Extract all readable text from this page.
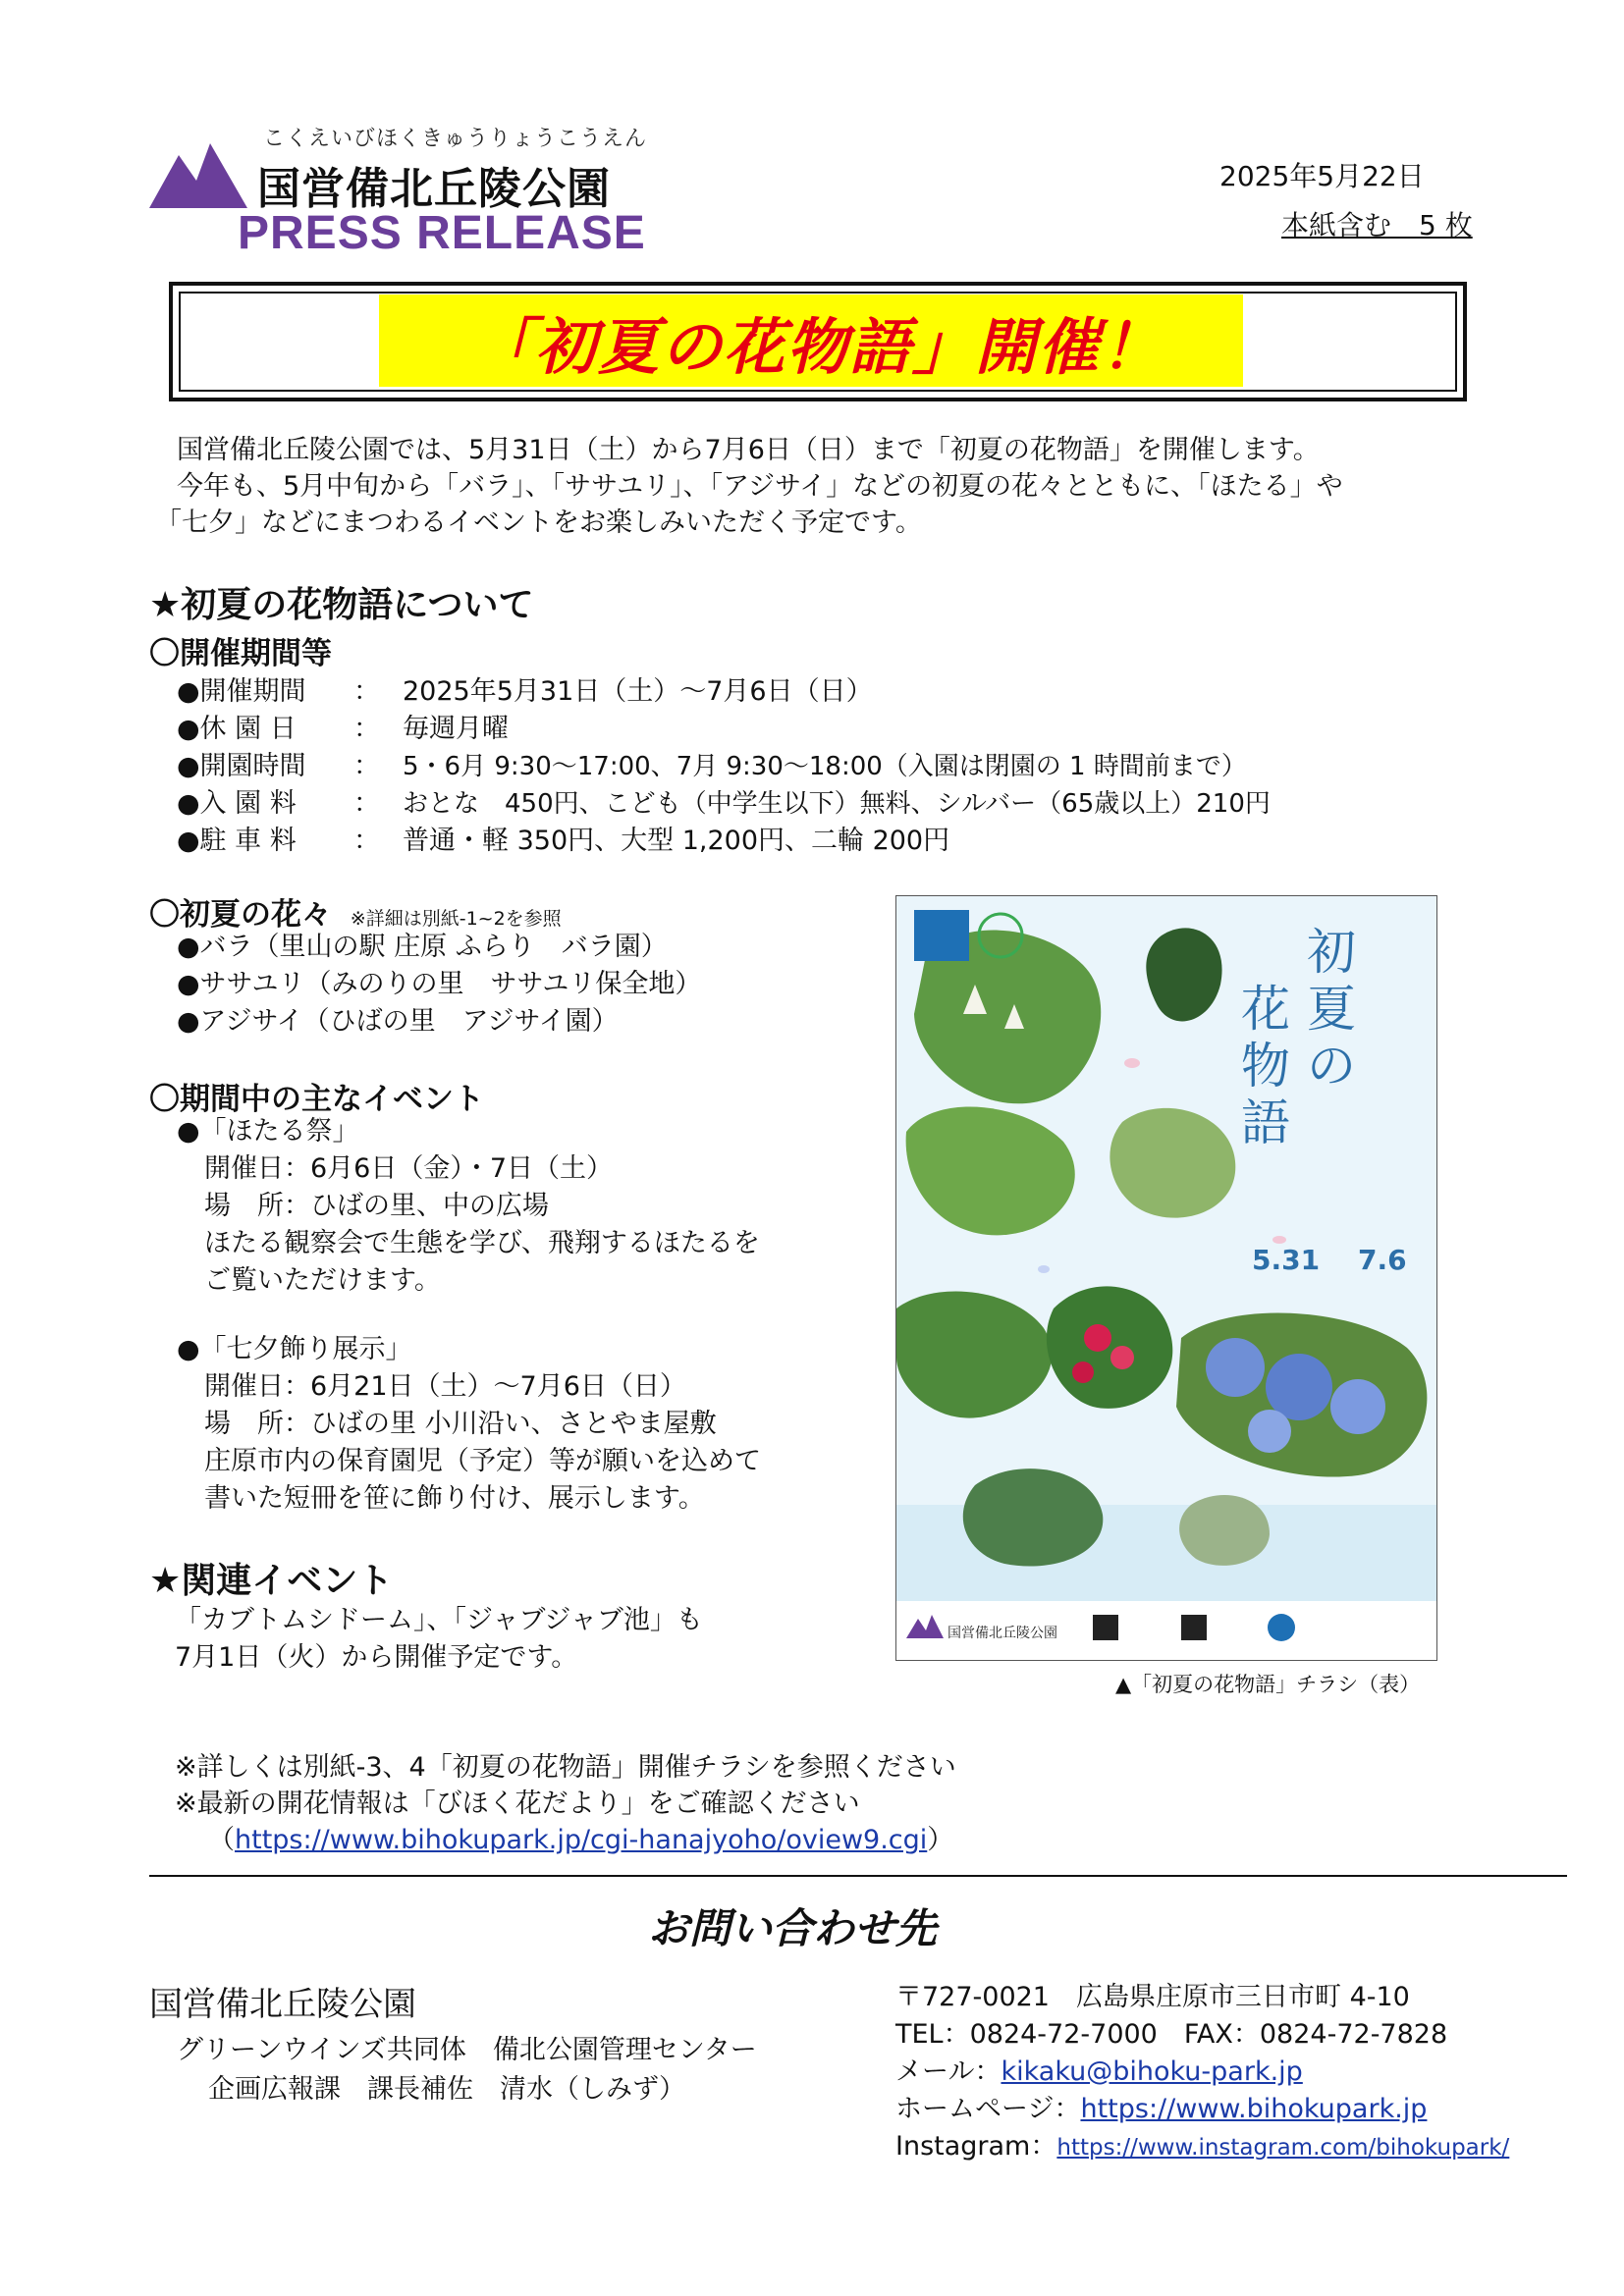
こくえいびほくきゅうりょうこうえん
国営備北丘陵公園
PRESS RELEASE
2025年5月22日
本紙含む　5 枚
「初夏の花物語」開催！
国営備北丘陵公園では、5月31日（土）から7月6日（日）まで「初夏の花物語」を開催します。
今年も、5月中旬から「バラ」、「ササユリ」、「アジサイ」などの初夏の花々とともに、「ほたる」や
「七夕」などにまつわるイベントをお楽しみいただく予定です。
★初夏の花物語について
〇開催期間等
●開催期間 ： 2025年5月31日（土）～7月6日（日）
●休 園 日 ： 毎週月曜
●開園時間 ： 5・6月 9:30～17:00、7月 9:30～18:00（入園は閉園の 1 時間前まで）
●入 園 料 ： おとな　450円、こども（中学生以下）無料、シルバー（65歳以上）210円
●駐 車 料 ： 普通・軽 350円、大型 1,200円、二輪 200円
〇初夏の花々 ※詳細は別紙-1~2を参照
●バラ（里山の駅 庄原 ふらり　バラ園）
●ササユリ（みのりの里　ササユリ保全地）
●アジサイ（ひばの里　アジサイ園）
〇期間中の主なイベント
●「ほたる祭」
開催日：6月6日（金）・7日（土）
場　所：ひばの里、中の広場
ほたる観察会で生態を学び、飛翔するほたるを
ご覧いただけます。
●「七夕飾り展示」
開催日：6月21日（土）～7月6日（日）
場　所：ひばの里 小川沿い、さとやま屋敷
庄原市内の保育園児（予定）等が願いを込めて
書いた短冊を笹に飾り付け、展示します。
★関連イベント
「カブトムシドーム」、「ジャブジャブ池」も
7月1日（火）から開催予定です。
初
夏
の
花
物
語
5.31 7.6
国営備北丘陵公園
▲「初夏の花物語」チラシ（表）
※詳しくは別紙-3、4「初夏の花物語」開催チラシを参照ください
※最新の開花情報は「びほく花だより」をご確認ください
（https://www.bihokupark.jp/cgi-hanajyoho/oview9.cgi）
お問い合わせ先
国営備北丘陵公園
グリーンウインズ共同体　備北公園管理センター
企画広報課　課長補佐　清水（しみず）
〒727-0021　広島県庄原市三日市町 4-10
TEL：0824-72-7000　FAX：0824-72-7828
メール：kikaku@bihoku-park.jp
ホームページ：https://www.bihokupark.jp
Instagram：https://www.instagram.com/bihokupark/
